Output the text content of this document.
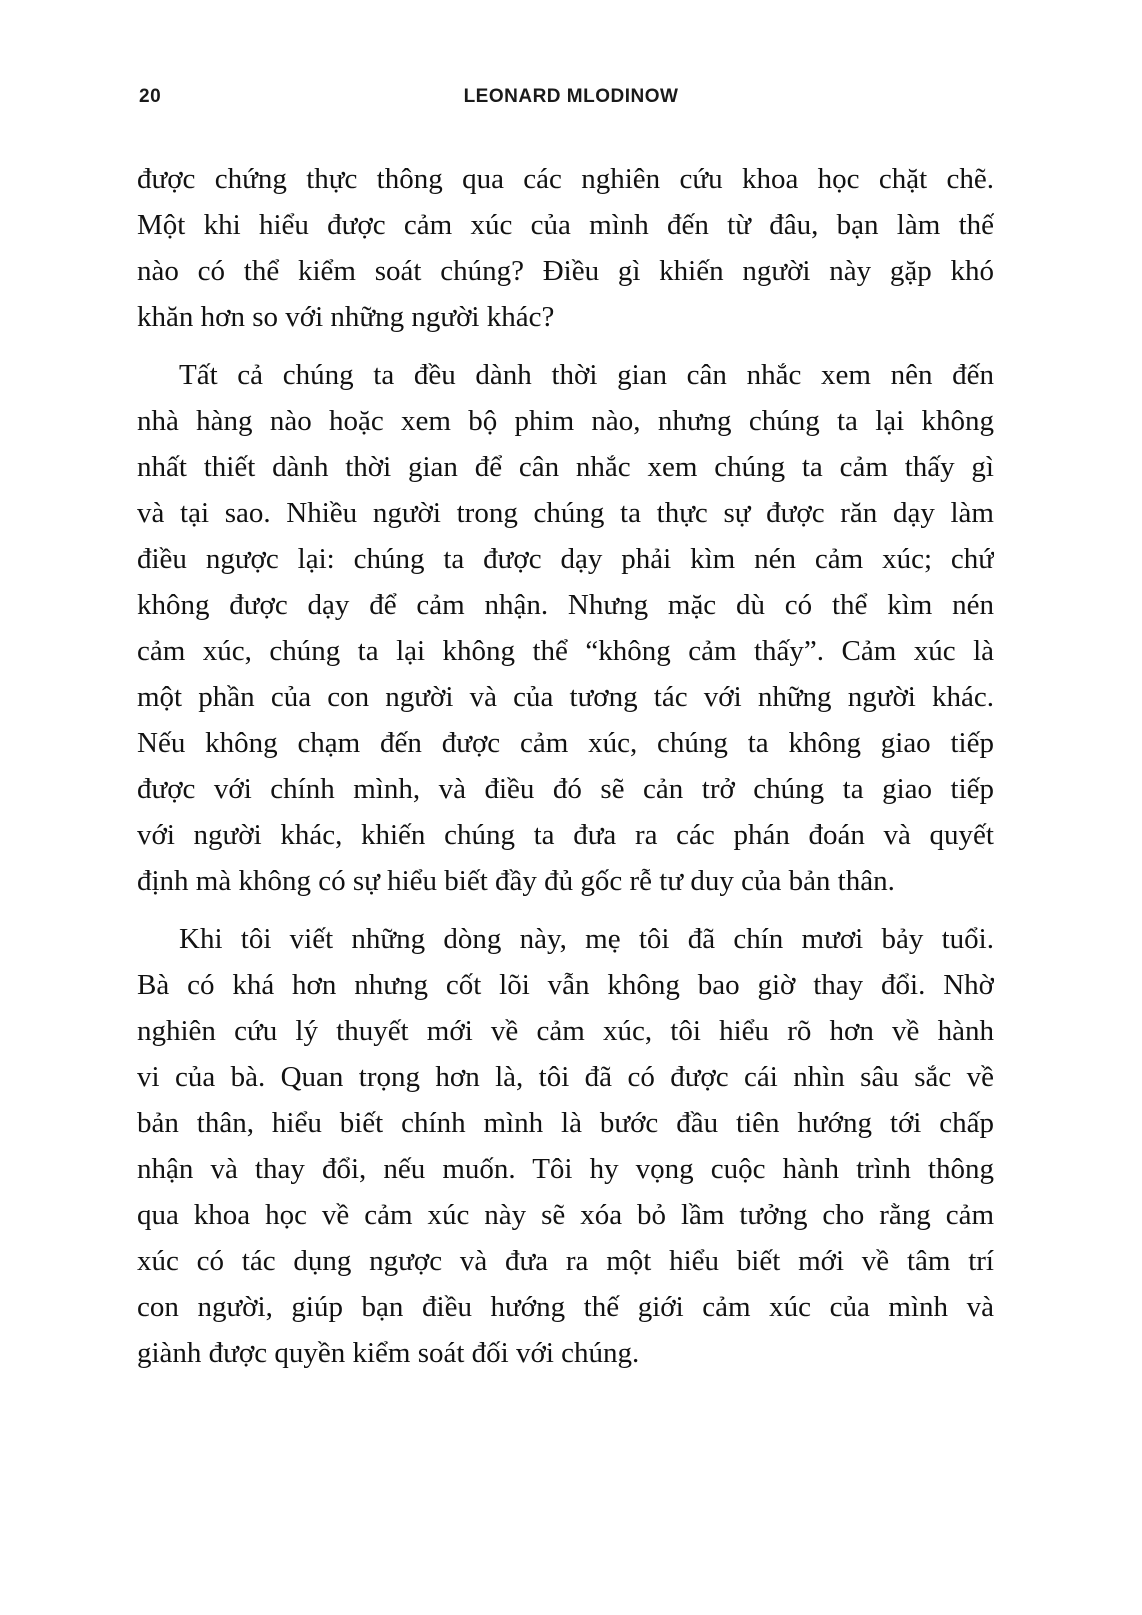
20	LEONARD MLODINOW

được chứng thực thông qua các nghiên cứu khoa học chặt chẽ.
Một khi hiểu được cảm xúc của mình đến từ đâu, bạn làm thế
nào có thể kiểm soát chúng? Điều gì khiến người này gặp khó
khăn hơn so với những người khác?

Tất cả chúng ta đều dành thời gian cân nhắc xem nên đến
nhà hàng nào hoặc xem bộ phim nào, nhưng chúng ta lại không
nhất thiết dành thời gian để cân nhắc xem chúng ta cảm thấy gì
và tại sao. Nhiều người trong chúng ta thực sự được răn dạy làm
điều ngược lại: chúng ta được dạy phải kìm nén cảm xúc; chứ
không được dạy để cảm nhận. Nhưng mặc dù có thể kìm nén
cảm xúc, chúng ta lại không thể “không cảm thấy”. Cảm xúc là
một phần của con người và của tương tác với những người khác.
Nếu không chạm đến được cảm xúc, chúng ta không giao tiếp
được với chính mình, và điều đó sẽ cản trở chúng ta giao tiếp
với người khác, khiến chúng ta đưa ra các phán đoán và quyết
định mà không có sự hiểu biết đầy đủ gốc rễ tư duy của bản thân.

Khi tôi viết những dòng này, mẹ tôi đã chín mươi bảy tuổi.
Bà có khá hơn nhưng cốt lõi vẫn không bao giờ thay đổi. Nhờ
nghiên cứu lý thuyết mới về cảm xúc, tôi hiểu rõ hơn về hành
vi của bà. Quan trọng hơn là, tôi đã có được cái nhìn sâu sắc về
bản thân, hiểu biết chính mình là bước đầu tiên hướng tới chấp
nhận và thay đổi, nếu muốn. Tôi hy vọng cuộc hành trình thông
qua khoa học về cảm xúc này sẽ xóa bỏ lầm tưởng cho rằng cảm
xúc có tác dụng ngược và đưa ra một hiểu biết mới về tâm trí
con người, giúp bạn điều hướng thế giới cảm xúc của mình và
giành được quyền kiểm soát đối với chúng.
